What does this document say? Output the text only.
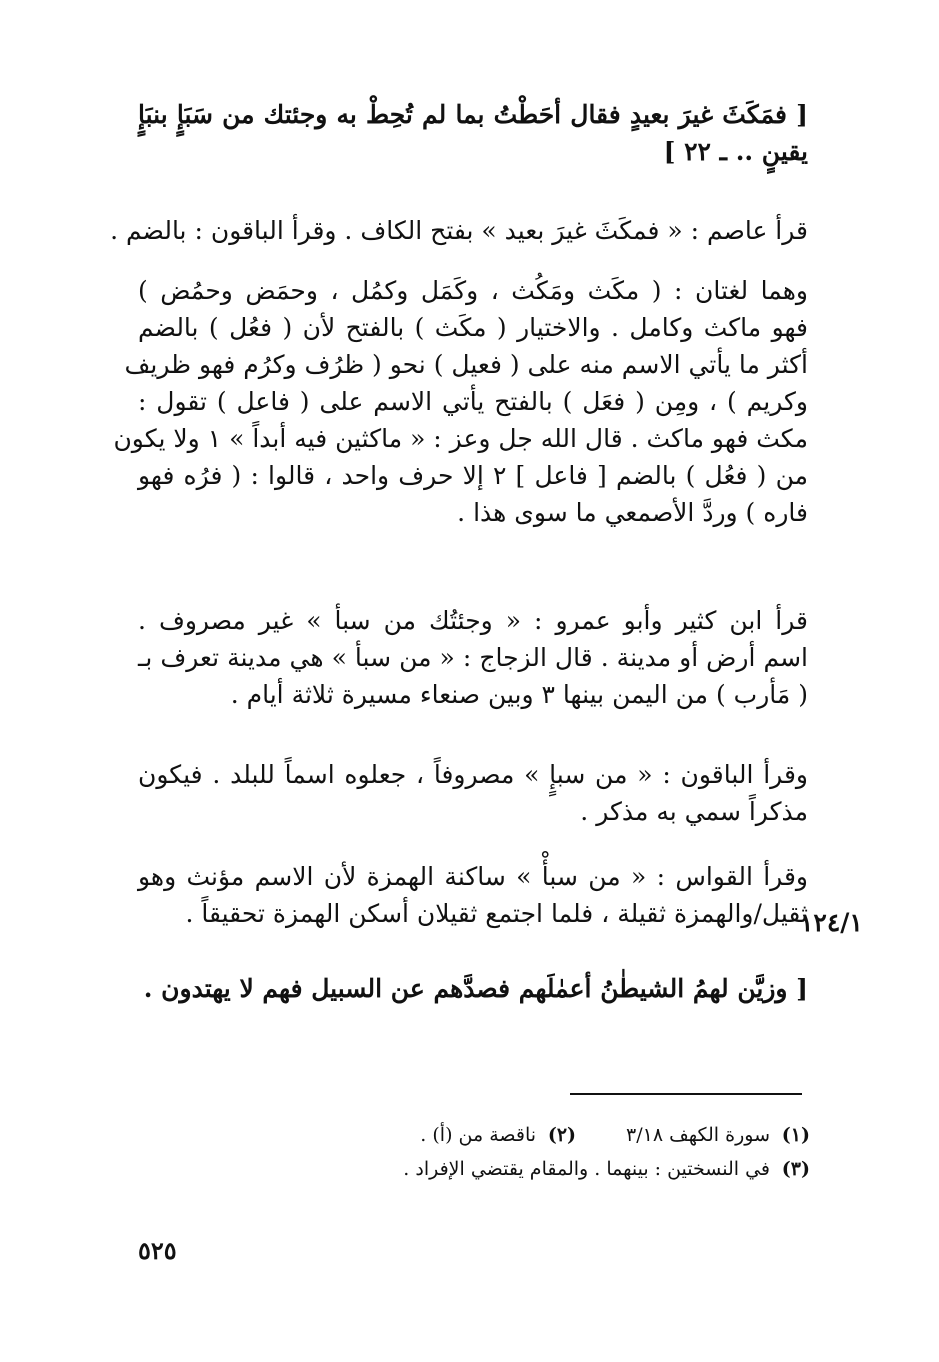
[ فمَكَثَ غيرَ بعيدٍ فقال أحَطْتُ بما لم تُحِطْ به وجئتك من سَبَإٍ بنبَإٍ
يقينٍ .. ـ ٢٢ ]
قرأ عاصم : « فمكَثَ غيرَ بعيد » بفتح الكاف . وقرأ الباقون : بالضم .
وهما لغتان : ( مكَث ومَكُث ، وكَمَل وكمُل ، وحمَض وحمُض )
فهو ماكث وكامل . والاختيار ( مكَث ) بالفتح لأن ( فعُل ) بالضم
أكثر ما يأتي الاسم منه على ( فعيل ) نحو ( ظرُف وكرُم فهو ظريف
وكريم ) ، ومِن ( فعَل ) بالفتح يأتي الاسم على ( فاعل ) تقول :
مكث فهو ماكث . قال الله جل وعز : « ماكثين فيه أبداً » ١ ولا يكون
من ( فعُل ) بالضم [ فاعل ] ٢ إلا حرف واحد ، قالوا : ( فرُه فهو
فاره ) وردَّ الأصمعي ما سوى هذا .
قرأ ابن كثير وأبو عمرو : « وجئتُك من سبأ » غير مصروف .
اسم أرض أو مدينة . قال الزجاج : « من سبأ » هي مدينة تعرف بـ
( مَأرب ) من اليمن بينها ٣ وبين صنعاء مسيرة ثلاثة أيام .
وقرأ الباقون : « من سبإٍ » مصروفاً ، جعلوه اسماً للبلد . فيكون
مذكراً سمي به مذكر .
وقرأ القواس : « من سبأْ » ساكنة الهمزة لأن الاسم مؤنث وهو
ثقيل/والهمزة ثقيلة ، فلما اجتمع ثقيلان أسكن الهمزة تحقيقاً .
١٢٤/١
[ وزيَّن لهمُ الشيطٰنُ أعمٰلَهم فصدَّهم عن السبيل فهم لا يهتدون .
(١)
سورة الكهف ٣/١٨
(٢)
ناقصة من (أ) .
(٣)
في النسختين : بينهما . والمقام يقتضي الإفراد .
٥٢٥
